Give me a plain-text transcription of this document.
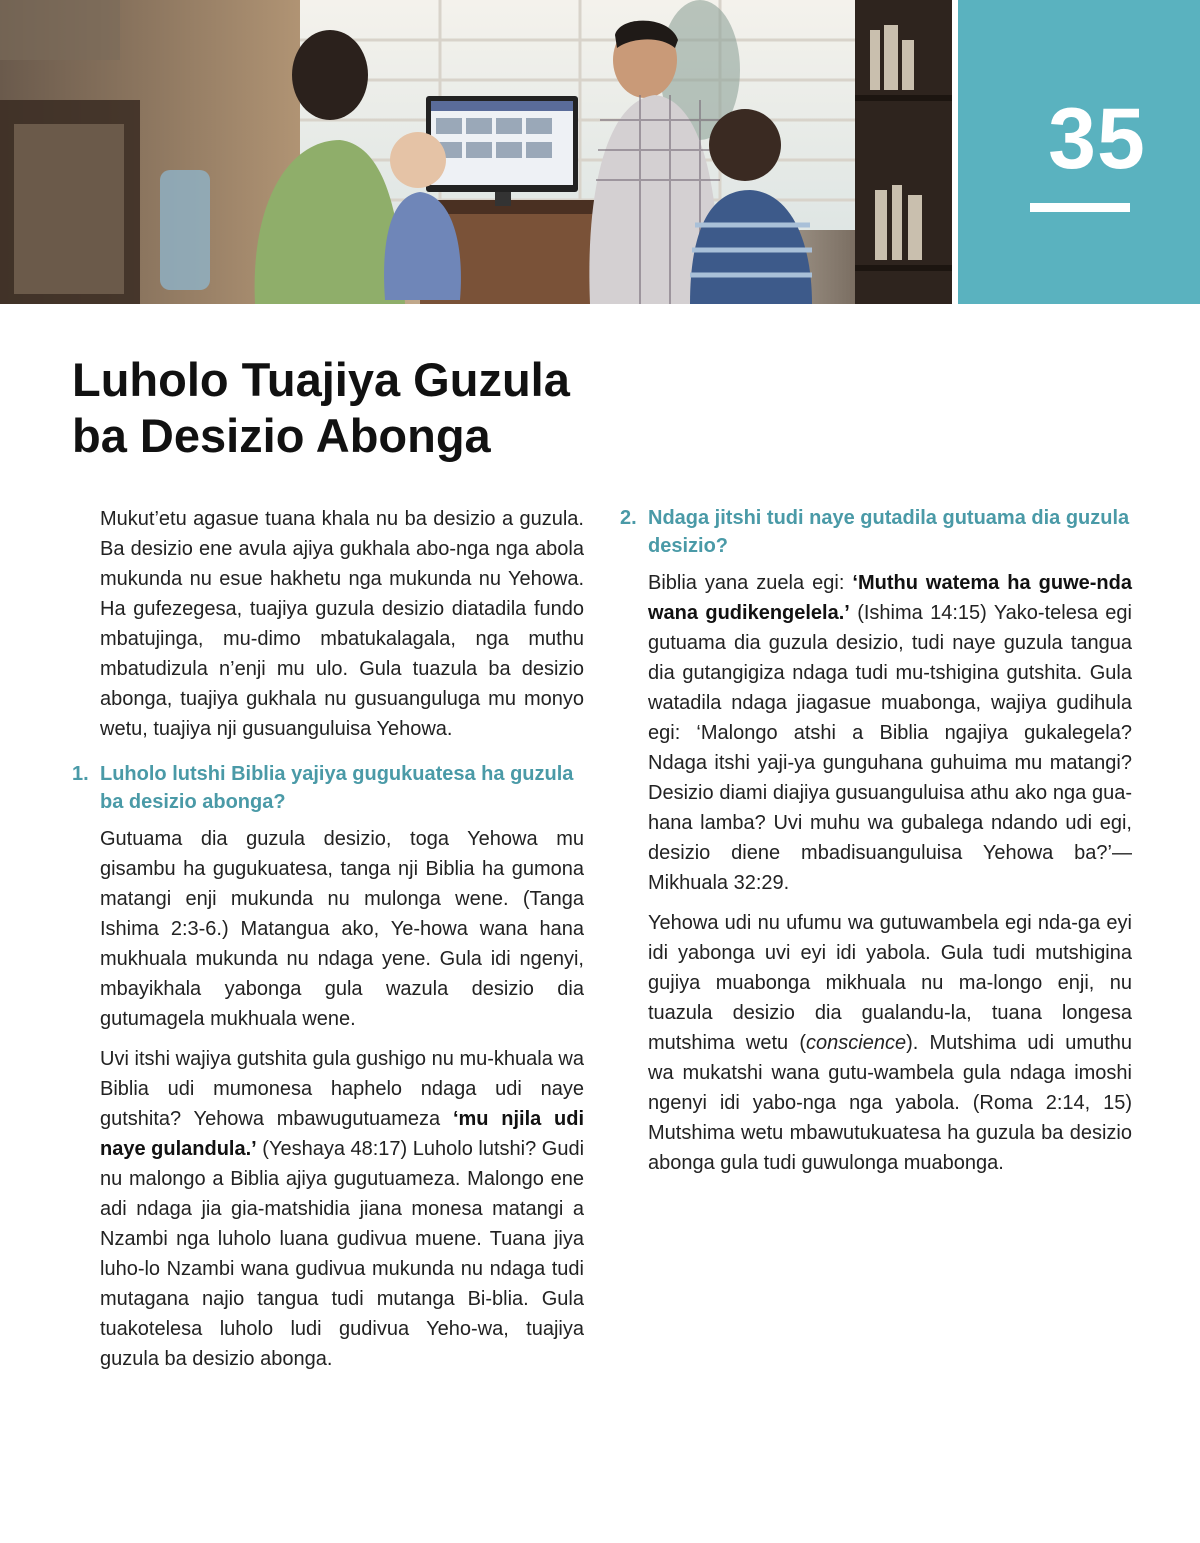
35
Luholo Tuajiya Guzula
ba Desizio Abonga

Mukut’etu agasue tuana khala nu ba desizio a guzula. Ba desizio ene avula ajiya gukhala abo-nga nga abola mukunda nu esue hakhetu nga mukunda nu Yehowa. Ha gufezegesa, tuajiya guzula desizio diatadila fundo mbatujinga, mu-dimo mbatukalagala, nga muthu mbatudizula n’enji mu ulo. Gula tuazula ba desizio abonga, tuajiya gukhala nu gusuanguluga mu monyo wetu, tuajiya nji gusuanguluisa Yehowa.

1. Luholo lutshi Biblia yajiya gugukuatesa ha guzula ba desizio abonga?

Gutuama dia guzula desizio, toga Yehowa mu gisambu ha gugukuatesa, tanga nji Biblia ha gumona matangi enji mukunda nu mulonga wene. (Tanga Ishima 2:3-6.) Matangua ako, Ye-howa wana hana mukhuala mukunda nu ndaga yene. Gula idi ngenyi, mbayikhala yabonga gula wazula desizio dia gutumagela mukhuala wene.

Uvi itshi wajiya gutshita gula gushigo nu mu-khuala wa Biblia udi mumonesa haphelo ndaga udi naye gutshita? Yehowa mbawugutuameza ‘mu njila udi naye gulandula.’ (Yeshaya 48:17) Luholo lutshi? Gudi nu malongo a Biblia ajiya gugutuameza. Malongo ene adi ndaga jia gia-matshidia jiana monesa matangi a Nzambi nga luholo luana gudivua muene. Tuana jiya luho-lo Nzambi wana gudivua mukunda nu ndaga tudi mutagana najio tangua tudi mutanga Bi-blia. Gula tuakotelesa luholo ludi gudivua Yeho-wa, tuajiya guzula ba desizio abonga.

2. Ndaga jitshi tudi naye gutadila gutuama dia guzula desizio?

Biblia yana zuela egi: ‘Muthu watema ha guwe-nda wana gudikengelela.’ (Ishima 14:15) Yako-telesa egi gutuama dia guzula desizio, tudi naye guzula tangua dia gutangigiza ndaga tudi mu-tshigina gutshita. Gula watadila ndaga jiagasue muabonga, wajiya gudihula egi: ‘Malongo atshi a Biblia ngajiya gukalegela? Ndaga itshi yaji-ya gunguhana guhuima mu matangi? Desizio diami diajiya gusuanguluisa athu ako nga gua-hana lamba? Uvi muhu wa gubalega ndando udi egi, desizio diene mbadisuanguluisa Yehowa ba?’—Mikhuala 32:29.

Yehowa udi nu ufumu wa gutuwambela egi nda-ga eyi idi yabonga uvi eyi idi yabola. Gula tudi mutshigina gujiya muabonga mikhuala nu ma-longo enji, nu tuazula desizio dia gualandu-la, tuana longesa mutshima wetu (conscience). Mutshima udi umuthu wa mukatshi wana gutu-wambela gula ndaga imoshi ngenyi idi yabo-nga nga yabola. (Roma 2:14, 15) Mutshima wetu mbawutukuatesa ha guzula ba desizio abonga gula tudi guwulonga muabonga.
